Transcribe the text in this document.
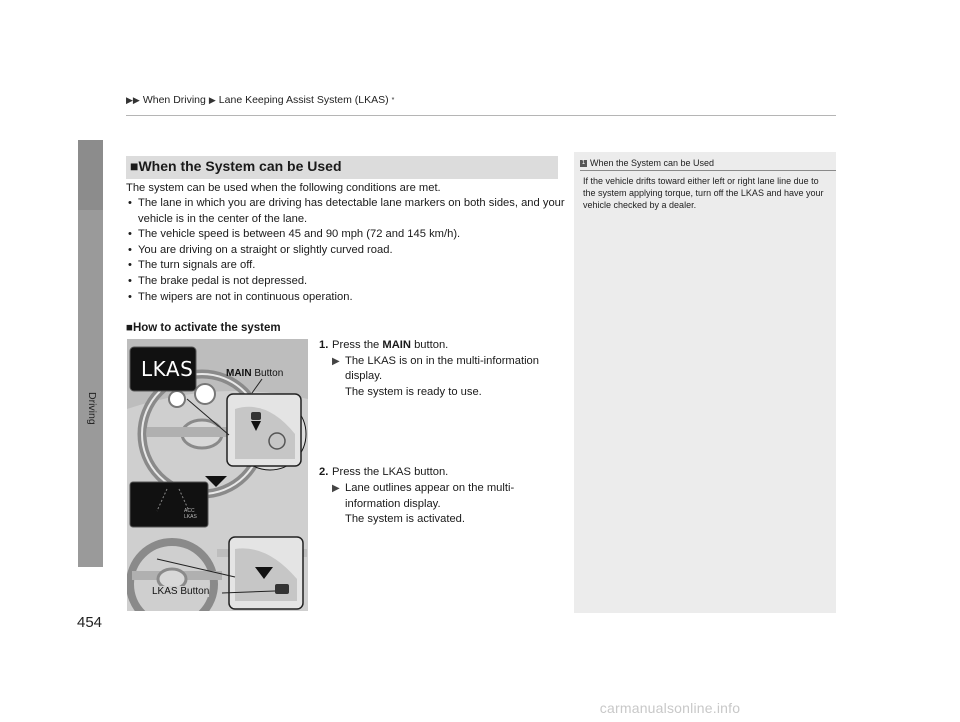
▶▶ When Driving ▶ Lane Keeping Assist System (LKAS) *
Driving
454
■When the System can be Used
The system can be used when the following conditions are met.
• The lane in which you are driving has detectable lane markers on both sides, and your vehicle is in the center of the lane.
• The vehicle speed is between 45 and 90 mph (72 and 145 km/h).
• You are driving on a straight or slightly curved road.
• The turn signals are off.
• The brake pedal is not depressed.
• The wipers are not in continuous operation.
■How to activate the system
1. Press the MAIN button.
▶ The LKAS is on in the multi-information display.
The system is ready to use.
2. Press the LKAS button.
▶ Lane outlines appear on the multi-information display.
The system is activated.
LKAS	MAIN Button
ACC
LKAS
LKAS Button
1 When the System can be Used
If the vehicle drifts toward either left or right lane line due to the system applying torque, turn off the LKAS and have your vehicle checked by a dealer.
carmanualsonline.info
